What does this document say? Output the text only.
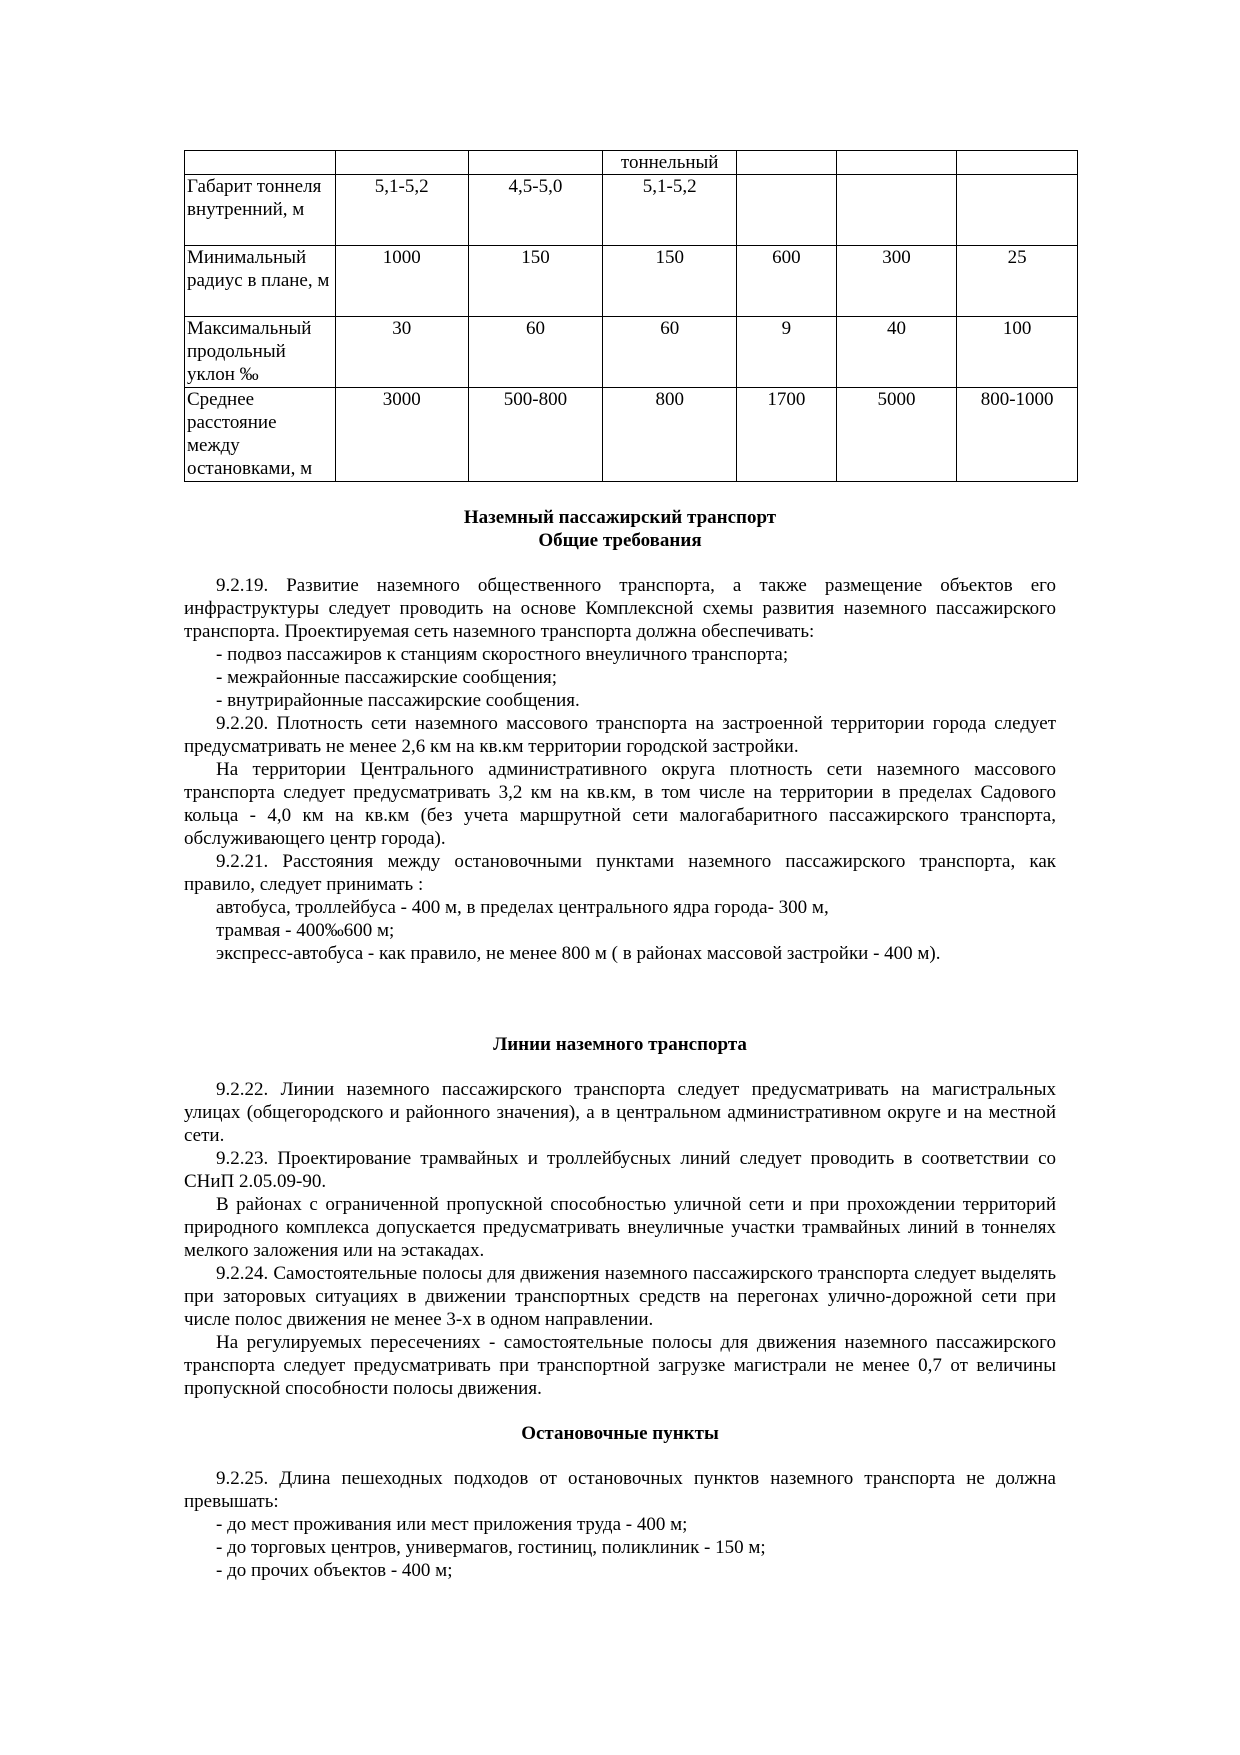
			тоннельный			
Габарит тоннеля внутренний, м	5,1-5,2	4,5-5,0	5,1-5,2			
Минимальный радиус в плане, м	1000	150	150	600	300	25
Максимальный продольный уклон ‰	30	60	60	9	40	100
Среднее расстояние между остановками, м	3000	500-800	800	1700	5000	800-1000
Наземный пассажирский транспорт
Общие требования

9.2.19. Развитие наземного общественного транспорта, а также размещение объектов его инфраструктуры следует проводить на основе Комплексной схемы развития наземного пассажирского транспорта. Проектируемая сеть наземного транспорта должна обеспечивать:

- подвоз пассажиров к станциям скоростного внеуличного транспорта;

- межрайонные пассажирские сообщения;

- внутрирайонные пассажирские сообщения.

9.2.20. Плотность сети наземного массового транспорта на застроенной территории города следует предусматривать не менее 2,6 км на кв.км территории городской застройки.

На территории Центрального административного округа плотность сети наземного массового транспорта следует предусматривать 3,2 км на кв.км, в том числе на территории в пределах Садового кольца - 4,0 км на кв.км (без учета маршрутной сети малогабаритного пассажирского транспорта, обслуживающего центр города).

9.2.21. Расстояния между остановочными пунктами наземного пассажирского транспорта, как правило, следует принимать :

автобуса, троллейбуса - 400 м, в пределах центрального ядра города- 300 м,

трамвая - 400‰600 м;

экспресс-автобуса - как правило, не менее 800 м ( в районах массовой застройки - 400 м).

Линии наземного транспорта

9.2.22. Линии наземного пассажирского транспорта следует предусматривать на магистральных улицах (общегородского и районного значения), а в центральном административном округе и на местной сети.

9.2.23. Проектирование трамвайных и троллейбусных линий следует проводить в соответствии со СНиП 2.05.09-90.

В районах с ограниченной пропускной способностью уличной сети и при прохождении территорий природного комплекса допускается предусматривать внеуличные участки трамвайных линий в тоннелях мелкого заложения или на эстакадах.

9.2.24. Самостоятельные полосы для движения наземного пассажирского транспорта следует выделять при заторовых ситуациях в движении транспортных средств на перегонах улично-дорожной сети при числе полос движения не менее 3-х в одном направлении.

На регулируемых пересечениях - самостоятельные полосы для движения наземного пассажирского транспорта следует предусматривать при транспортной загрузке магистрали не менее 0,7 от величины пропускной способности полосы движения.

Остановочные пункты

9.2.25. Длина пешеходных подходов от остановочных пунктов наземного транспорта не должна превышать:

- до мест проживания или мест приложения труда - 400 м;

- до торговых центров, универмагов, гостиниц, поликлиник - 150 м;

- до прочих объектов - 400 м;
